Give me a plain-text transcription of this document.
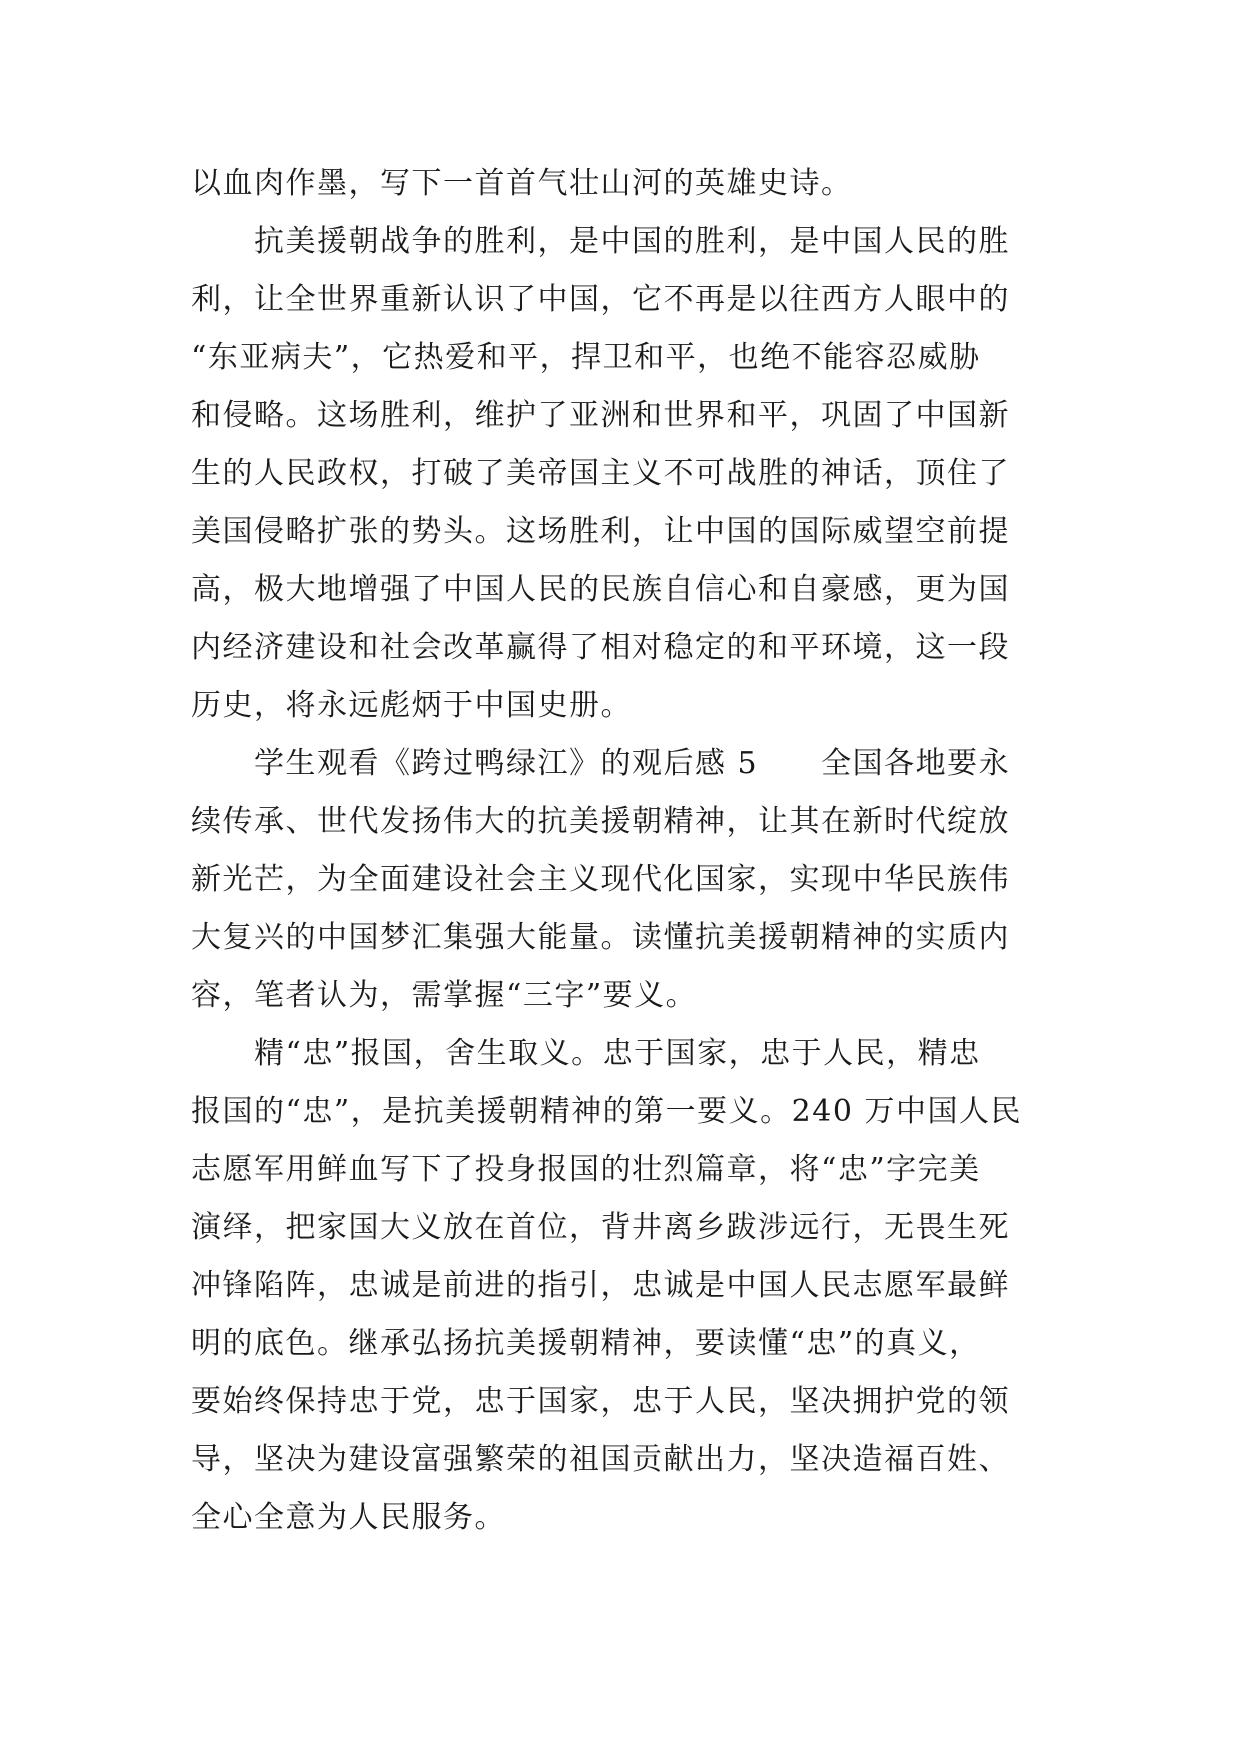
以血肉作墨，写下一首首气壮山河的英雄史诗。
　　抗美援朝战争的胜利，是中国的胜利，是中国人民的胜
利，让全世界重新认识了中国，它不再是以往西方人眼中的
“东亚病夫”，它热爱和平，捍卫和平，也绝不能容忍威胁
和侵略。这场胜利，维护了亚洲和世界和平，巩固了中国新
生的人民政权，打破了美帝国主义不可战胜的神话，顶住了
美国侵略扩张的势头。这场胜利，让中国的国际威望空前提
高，极大地增强了中国人民的民族自信心和自豪感，更为国
内经济建设和社会改革赢得了相对稳定的和平环境，这一段
历史，将永远彪炳于中国史册。
　　学生观看《跨过鸭绿江》的观后感 5　　全国各地要永
续传承、世代发扬伟大的抗美援朝精神，让其在新时代绽放
新光芒，为全面建设社会主义现代化国家，实现中华民族伟
大复兴的中国梦汇集强大能量。读懂抗美援朝精神的实质内
容，笔者认为，需掌握“三字”要义。
　　精“忠”报国，舍生取义。忠于国家，忠于人民，精忠
报国的“忠”，是抗美援朝精神的第一要义。240 万中国人民
志愿军用鲜血写下了投身报国的壮烈篇章，将“忠”字完美
演绎，把家国大义放在首位，背井离乡跋涉远行，无畏生死
冲锋陷阵，忠诚是前进的指引，忠诚是中国人民志愿军最鲜
明的底色。继承弘扬抗美援朝精神，要读懂“忠”的真义，
要始终保持忠于党，忠于国家，忠于人民，坚决拥护党的领
导，坚决为建设富强繁荣的祖国贡献出力，坚决造福百姓、
全心全意为人民服务。
